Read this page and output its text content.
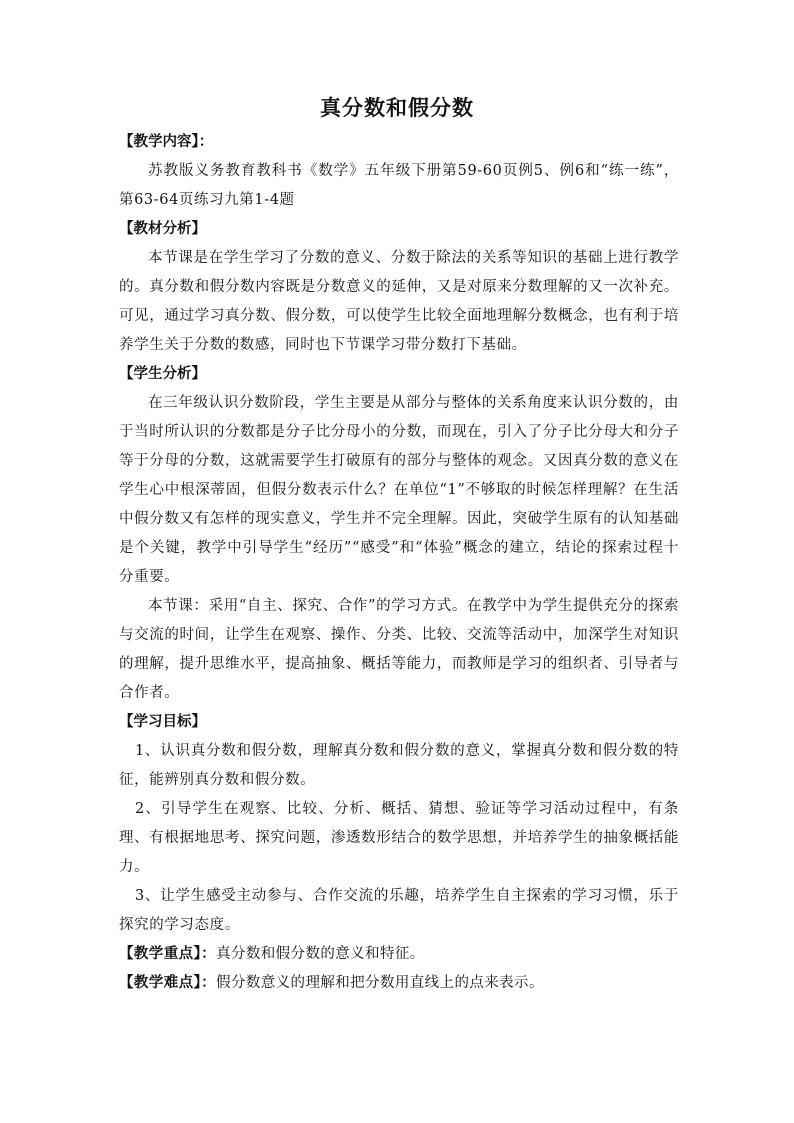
真分数和假分数

【教学内容】：

苏教版义务教育教科书《数学》五年级下册第59-60页例5、例6和“练一练”，第63-64页练习九第1-4题

【教材分析】

本节课是在学生学习了分数的意义、分数于除法的关系等知识的基础上进行教学的。真分数和假分数内容既是分数意义的延伸，又是对原来分数理解的又一次补充。可见，通过学习真分数、假分数，可以使学生比较全面地理解分数概念，也有利于培养学生关于分数的数感，同时也下节课学习带分数打下基础。

【学生分析】

在三年级认识分数阶段，学生主要是从部分与整体的关系角度来认识分数的，由于当时所认识的分数都是分子比分母小的分数，而现在，引入了分子比分母大和分子等于分母的分数，这就需要学生打破原有的部分与整体的观念。又因真分数的意义在学生心中根深蒂固，但假分数表示什么？在单位“1”不够取的时候怎样理解？在生活中假分数又有怎样的现实意义，学生并不完全理解。因此，突破学生原有的认知基础是个关键，教学中引导学生“经历”“感受”和“体验”概念的建立，结论的探索过程十分重要。

本节课：采用“自主、探究、合作”的学习方式。在教学中为学生提供充分的探索与交流的时间，让学生在观察、操作、分类、比较、交流等活动中，加深学生对知识的理解，提升思维水平，提高抽象、概括等能力，而教师是学习的组织者、引导者与合作者。

【学习目标】

1、认识真分数和假分数，理解真分数和假分数的意义，掌握真分数和假分数的特征，能辨别真分数和假分数。

2、引导学生在观察、比较、分析、概括、猜想、验证等学习活动过程中，有条理、有根据地思考、探究问题，渗透数形结合的数学思想，并培养学生的抽象概括能力。

3、让学生感受主动参与、合作交流的乐趣，培养学生自主探索的学习习惯，乐于探究的学习态度。

【教学重点】：真分数和假分数的意义和特征。

【教学难点】：假分数意义的理解和把分数用直线上的点来表示。
